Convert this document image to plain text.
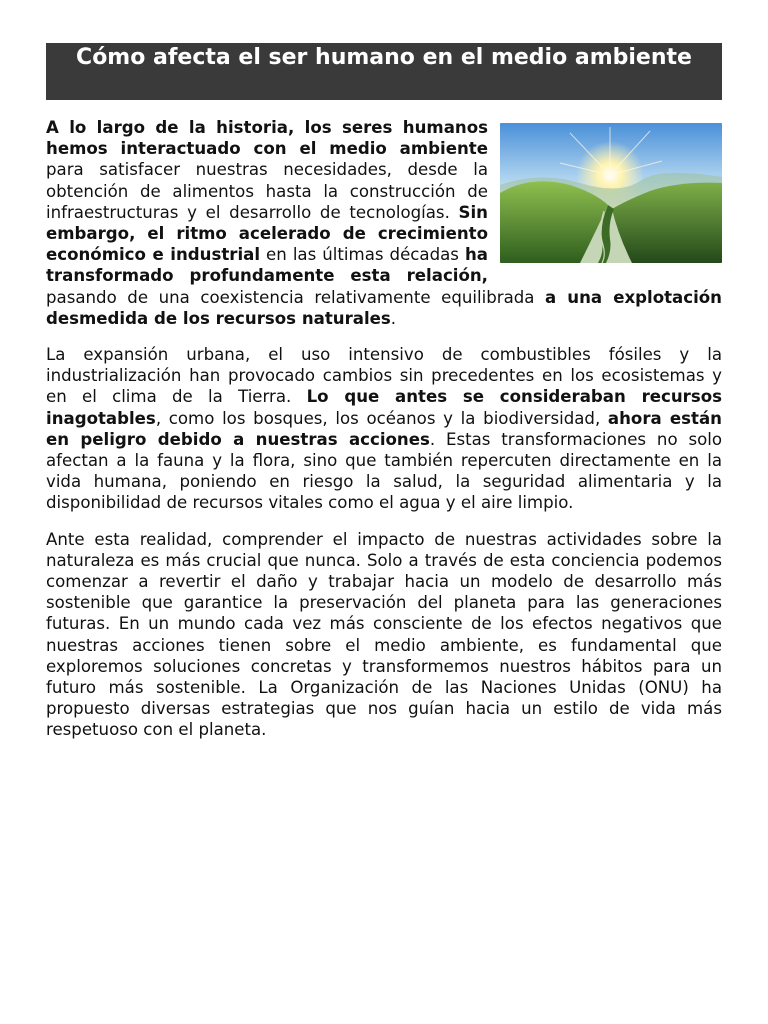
Cómo afecta el ser humano en el medio ambiente

A lo largo de la historia, los seres humanos hemos interactuado con el medio ambiente para satisfacer nuestras necesidades, desde la obtención de alimentos hasta la construcción de infraestructuras y el desarrollo de tecnologías. Sin embargo, el ritmo acelerado de crecimiento económico e industrial en las últimas décadas ha transformado profundamente esta relación, pasando de una coexistencia relativamente equilibrada a una explotación desmedida de los recursos naturales.

La expansión urbana, el uso intensivo de combustibles fósiles y la industrialización han provocado cambios sin precedentes en los ecosistemas y en el clima de la Tierra. Lo que antes se consideraban recursos inagotables, como los bosques, los océanos y la biodiversidad, ahora están en peligro debido a nuestras acciones. Estas transformaciones no solo afectan a la fauna y la flora, sino que también repercuten directamente en la vida humana, poniendo en riesgo la salud, la seguridad alimentaria y la disponibilidad de recursos vitales como el agua y el aire limpio.

Ante esta realidad, comprender el impacto de nuestras actividades sobre la naturaleza es más crucial que nunca. Solo a través de esta conciencia podemos comenzar a revertir el daño y trabajar hacia un modelo de desarrollo más sostenible que garantice la preservación del planeta para las generaciones futuras. En un mundo cada vez más consciente de los efectos negativos que nuestras acciones tienen sobre el medio ambiente, es fundamental que exploremos soluciones concretas y transformemos nuestros hábitos para un futuro más sostenible. La Organización de las Naciones Unidas (ONU) ha propuesto diversas estrategias que nos guían hacia un estilo de vida más respetuoso con el planeta.
